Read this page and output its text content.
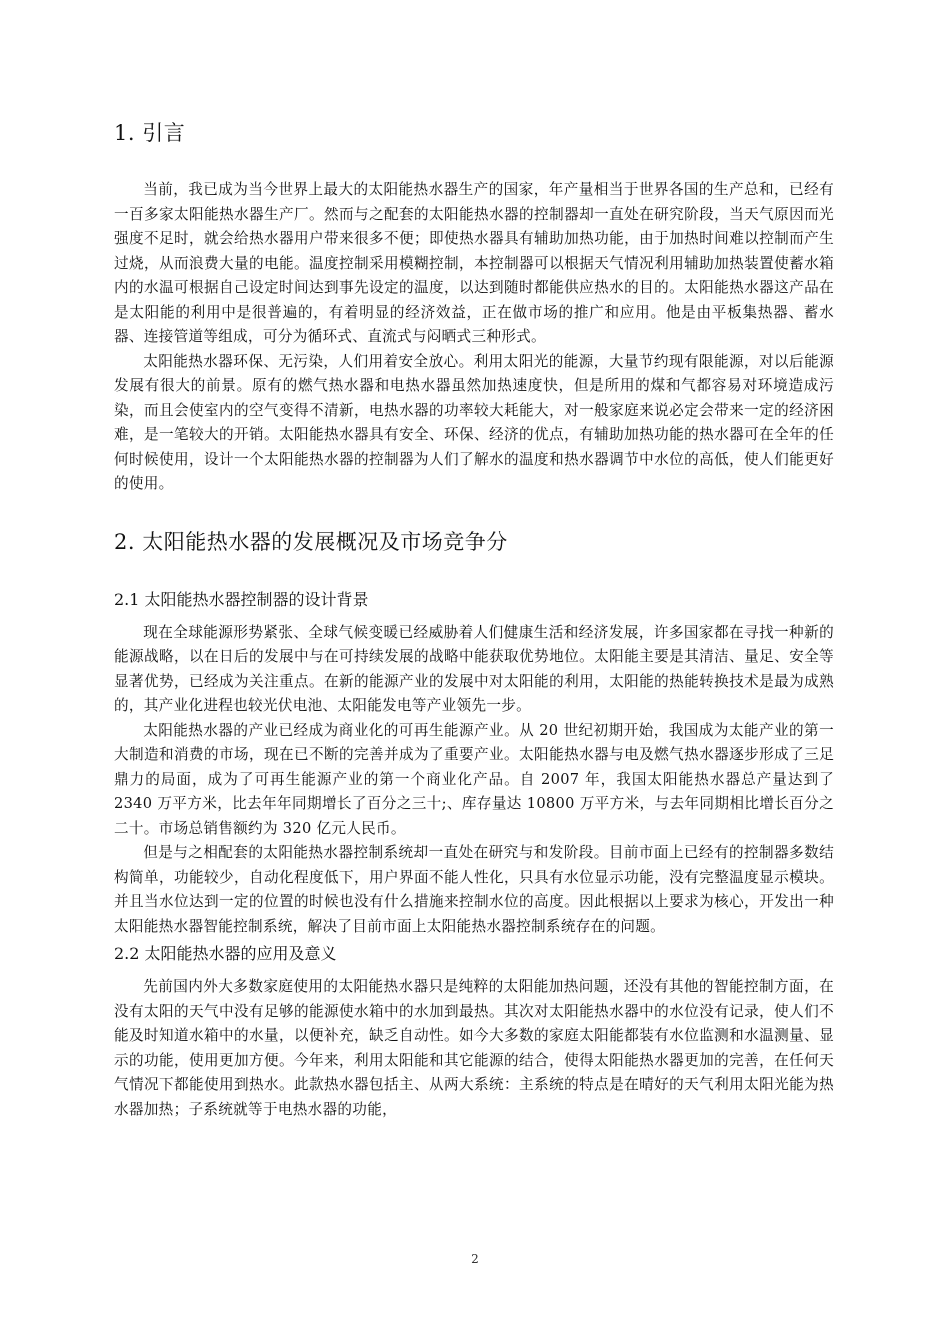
1. 引言

当前，我已成为当今世界上最大的太阳能热水器生产的国家，年产量相当于世界各国的生产总和，已经有一百多家太阳能热水器生产厂。然而与之配套的太阳能热水器的控制器却一直处在研究阶段，当天气原因而光强度不足时，就会给热水器用户带来很多不便；即使热水器具有辅助加热功能，由于加热时间难以控制而产生过烧，从而浪费大量的电能。温度控制采用模糊控制，本控制器可以根据天气情况利用辅助加热装置使蓄水箱内的水温可根据自己设定时间达到事先设定的温度，以达到随时都能供应热水的目的。太阳能热水器这产品在是太阳能的利用中是很普遍的，有着明显的经济效益，正在做市场的推广和应用。他是由平板集热器、蓄水器、连接管道等组成，可分为循环式、直流式与闷晒式三种形式。

太阳能热水器环保、无污染，人们用着安全放心。利用太阳光的能源，大量节约现有限能源，对以后能源发展有很大的前景。原有的燃气热水器和电热水器虽然加热速度快，但是所用的煤和气都容易对环境造成污染，而且会使室内的空气变得不清新，电热水器的功率较大耗能大，对一般家庭来说必定会带来一定的经济困难，是一笔较大的开销。太阳能热水器具有安全、环保、经济的优点，有辅助加热功能的热水器可在全年的任何时候使用，设计一个太阳能热水器的控制器为人们了解水的温度和热水器调节中水位的高低，使人们能更好的使用。

2. 太阳能热水器的发展概况及市场竞争分
2.1 太阳能热水器控制器的设计背景

现在全球能源形势紧张、全球气候变暖已经威胁着人们健康生活和经济发展，许多国家都在寻找一种新的能源战略，以在日后的发展中与在可持续发展的战略中能获取优势地位。太阳能主要是其清洁、量足、安全等显著优势，已经成为关注重点。在新的能源产业的发展中对太阳能的利用，太阳能的热能转换技术是最为成熟的，其产业化进程也较光伏电池、太阳能发电等产业领先一步。

太阳能热水器的产业已经成为商业化的可再生能源产业。从 20 世纪初期开始，我国成为太能产业的第一大制造和消费的市场，现在已不断的完善并成为了重要产业。太阳能热水器与电及燃气热水器逐步形成了三足鼎力的局面，成为了可再生能源产业的第一个商业化产品。自 2007 年，我国太阳能热水器总产量达到了 2340 万平方米，比去年年同期增长了百分之三十;、库存量达 10800 万平方米，与去年同期相比增长百分之二十。市场总销售额约为 320 亿元人民币。

但是与之相配套的太阳能热水器控制系统却一直处在研究与和发阶段。目前市面上已经有的控制器多数结构简单，功能较少，自动化程度低下，用户界面不能人性化，只具有水位显示功能，没有完整温度显示模块。并且当水位达到一定的位置的时候也没有什么措施来控制水位的高度。因此根据以上要求为核心，开发出一种太阳能热水器智能控制系统，解决了目前市面上太阳能热水器控制系统存在的问题。

2.2 太阳能热水器的应用及意义

先前国内外大多数家庭使用的太阳能热水器只是纯粹的太阳能加热问题，还没有其他的智能控制方面，在没有太阳的天气中没有足够的能源使水箱中的水加到最热。其次对太阳能热水器中的水位没有记录，使人们不能及时知道水箱中的水量，以便补充，缺乏自动性。如今大多数的家庭太阳能都装有水位监测和水温测量、显示的功能，使用更加方便。今年来，利用太阳能和其它能源的结合，使得太阳能热水器更加的完善，在任何天气情况下都能使用到热水。此款热水器包括主、从两大系统：主系统的特点是在晴好的天气利用太阳光能为热水器加热；子系统就等于电热水器的功能，

2
